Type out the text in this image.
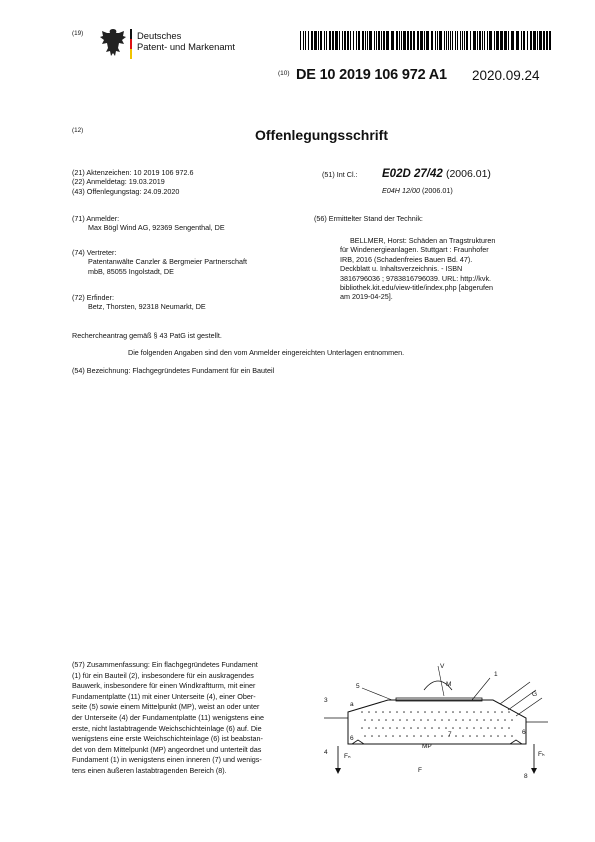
(19)	Deutsches
Patent- und Markenamt
(10) DE 10 2019 106 972 A1 2020.09.24
(12)	Offenlegungsschrift
(21) Aktenzeichen: 10 2019 106 972.6
(22) Anmeldetag: 19.03.2019
(43) Offenlegungstag: 24.09.2020
(51) Int Cl.: E02D 27/42 (2006.01)
E04H 12/00 (2006.01)
(71) Anmelder:
Max Bögl Wind AG, 92369 Sengenthal, DE
(74) Vertreter:
Patentanwälte Canzler & Bergmeier Partnerschaft
mbB, 85055 Ingolstadt, DE
(72) Erfinder:
Betz, Thorsten, 92318 Neumarkt, DE
(56) Ermittelter Stand der Technik:
BELLMER, Horst: Schäden an Tragstrukturen
für Windenergieanlagen. Stuttgart : Fraunhofer
IRB, 2016 (Schadenfreies Bauen Bd. 47).
Deckblatt u. Inhaltsverzeichnis. - ISBN
3816796036 ; 9783816796039. URL: http://kvk.
bibliothek.kit.edu/view-title/index.php [abgerufen
am 2019-04-25].
Rechercheantrag gemäß § 43 PatG ist gestellt.
Die folgenden Angaben sind den vom Anmelder eingereichten Unterlagen entnommen.
(54) Bezeichnung: Flachgegründetes Fundament für ein Bauteil
(57) Zusammenfassung: Ein flachgegründetes Fundament
(1) für ein Bauteil (2), insbesondere für ein auskragendes
Bauwerk, insbesondere für einen Windkraftturm, mit einer
Fundamentplatte (11) mit einer Unterseite (4), einer Ober-
seite (5) sowie einem Mittelpunkt (MP), weist an oder unter
der Unterseite (4) der Fundamentplatte (11) wenigstens eine
erste, nicht lastabtragende Weichschichteinlage (6) auf. Die
wenigstens eine erste Weichschichteinlage (6) ist beabstan-
det von dem Mittelpunkt (MP) angeordnet und unterteilt das
Fundament (1) in wenigstens einen inneren (7) und wenigs-
tens einen äußeren lastabtragenden Bereich (8).
V
1
5	M
a
3
G
6
6
7
MP
4
Fₙ
F
Fₕ
8
